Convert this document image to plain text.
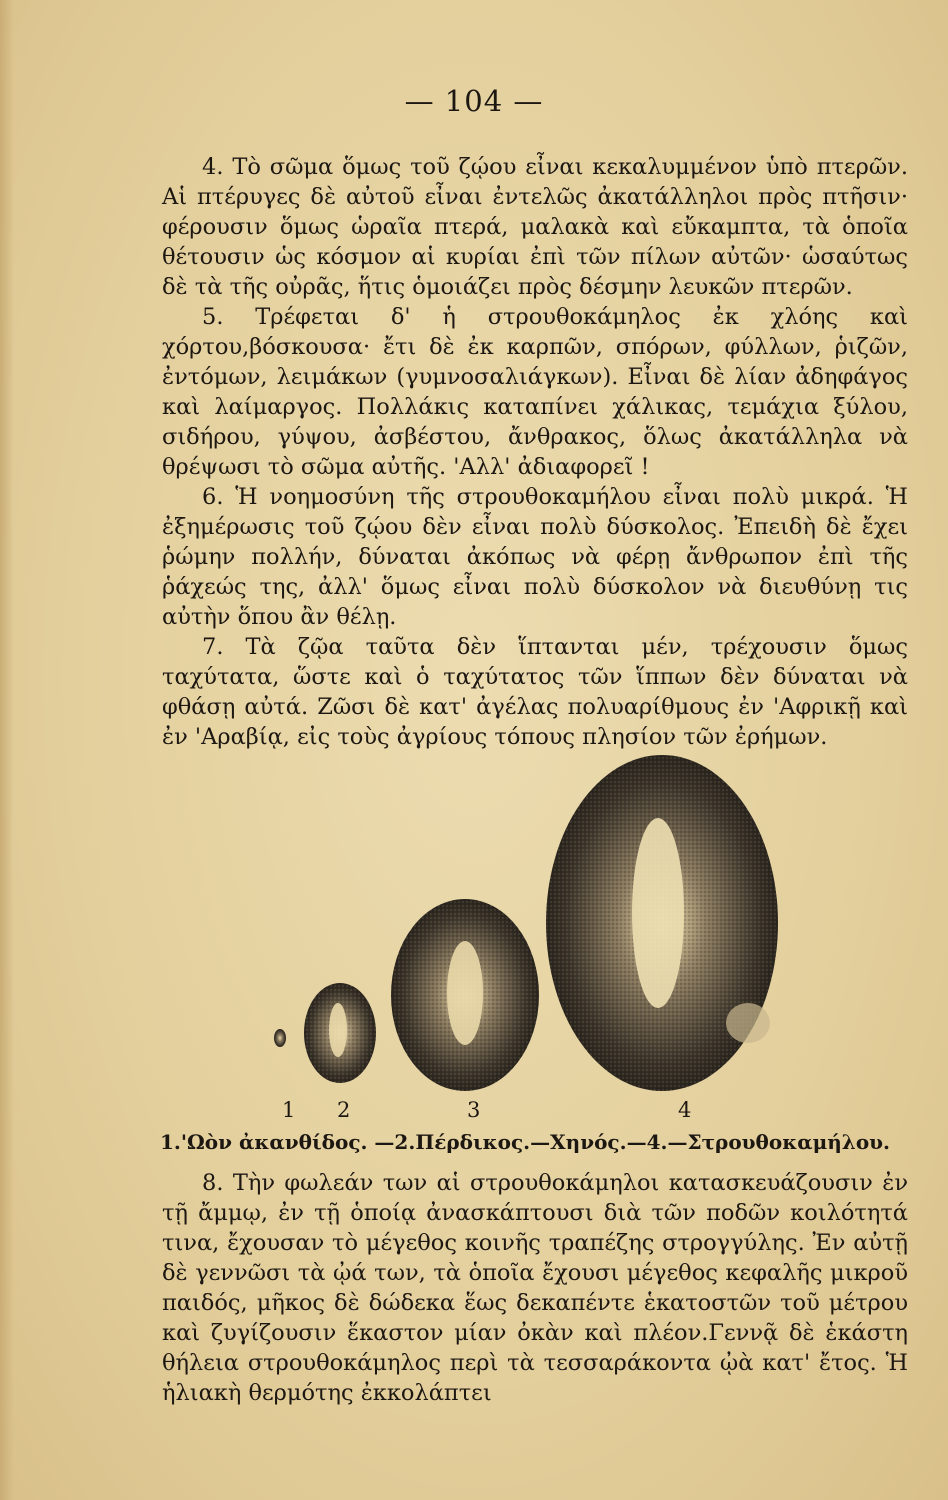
— 104 —

4. Τὸ σῶμα ὅμως τοῦ ζῴου εἶναι κεκαλυμμένον ὑπὸ πτερῶν. Αἱ πτέρυγες δὲ αὐτοῦ εἶναι ἐντελῶς ἀκατάλληλοι πρὸς πτῆσιν· φέρουσιν ὅμως ὡραῖα πτερά, μαλακὰ καὶ εὔκαμπτα, τὰ ὁποῖα θέτουσιν ὡς κόσμον αἱ κυρίαι ἐπὶ τῶν πίλων αὐτῶν· ὡσαύτως δὲ τὰ τῆς οὐρᾶς, ἥτις ὁμοιάζει πρὸς δέσμην λευκῶν πτερῶν.

5. Τρέφεται δ' ἡ στρουθοκάμηλος ἐκ χλόης καὶ χόρτου,βόσκουσα· ἔτι δὲ ἐκ καρπῶν, σπόρων, φύλλων, ῥιζῶν, ἐντόμων, λειμάκων (γυμνοσαλιάγκων). Εἶναι δὲ λίαν ἀδηφάγος καὶ λαίμαργος. Πολλάκις καταπίνει χάλικας, τεμάχια ξύλου, σιδήρου, γύψου, ἀσβέστου, ἄνθρακος, ὅλως ἀκατάλληλα νὰ θρέψωσι τὸ σῶμα αὐτῆς. 'Αλλ' ἀδιαφορεῖ !

6. Ἡ νοημοσύνη τῆς στρουθοκαμήλου εἶναι πολὺ μικρά. Ἡ ἐξημέρωσις τοῦ ζῴου δὲν εἶναι πολὺ δύσκολος. Ἐπειδὴ δὲ ἔχει ῥώμην πολλήν, δύναται ἀκόπως νὰ φέρῃ ἄνθρωπον ἐπὶ τῆς ῥάχεώς της, ἀλλ' ὅμως εἶναι πολὺ δύσκολον νὰ διευθύνῃ τις αὐτὴν ὅπου ἂν θέλῃ.

7. Τὰ ζῷα ταῦτα δὲν ἵπτανται μέν, τρέχουσιν ὅμως ταχύτατα, ὥστε καὶ ὁ ταχύτατος τῶν ἵππων δὲν δύναται νὰ φθάσῃ αὐτά. Ζῶσι δὲ κατ' ἀγέλας πολυαρίθμους ἐν 'Αφρικῇ καὶ ἐν 'Αραβίᾳ, εἰς τοὺς ἀγρίους τόπους πλησίον τῶν ἐρήμων.

1 2	3	4
1.'Ωὸν ἀκανθίδος. —2.Πέρδικος.—Χηνός.—4.—Στρουθοκαμήλου.

8. Τὴν φωλεάν των αἱ στρουθοκάμηλοι κατασκευάζουσιν ἐν τῇ ἄμμῳ, ἐν τῇ ὁποίᾳ ἀνασκάπτουσι διὰ τῶν ποδῶν κοιλότητά τινα, ἔχουσαν τὸ μέγεθος κοινῆς τραπέζης στρογγύλης. Ἐν αὐτῇ δὲ γεννῶσι τὰ ᾠά των, τὰ ὁποῖα ἔχουσι μέγεθος κεφαλῆς μικροῦ παιδός, μῆκος δὲ δώδεκα ἕως δεκαπέντε ἑκατοστῶν τοῦ μέτρου καὶ ζυγίζουσιν ἕκαστον μίαν ὀκὰν καὶ πλέον.Γεννᾷ δὲ ἑκάστη θήλεια στρουθοκάμηλος περὶ τὰ τεσσαράκοντα ᾠὰ κατ' ἔτος. Ἡ ἡλιακὴ θερμότης ἐκκολάπτει
